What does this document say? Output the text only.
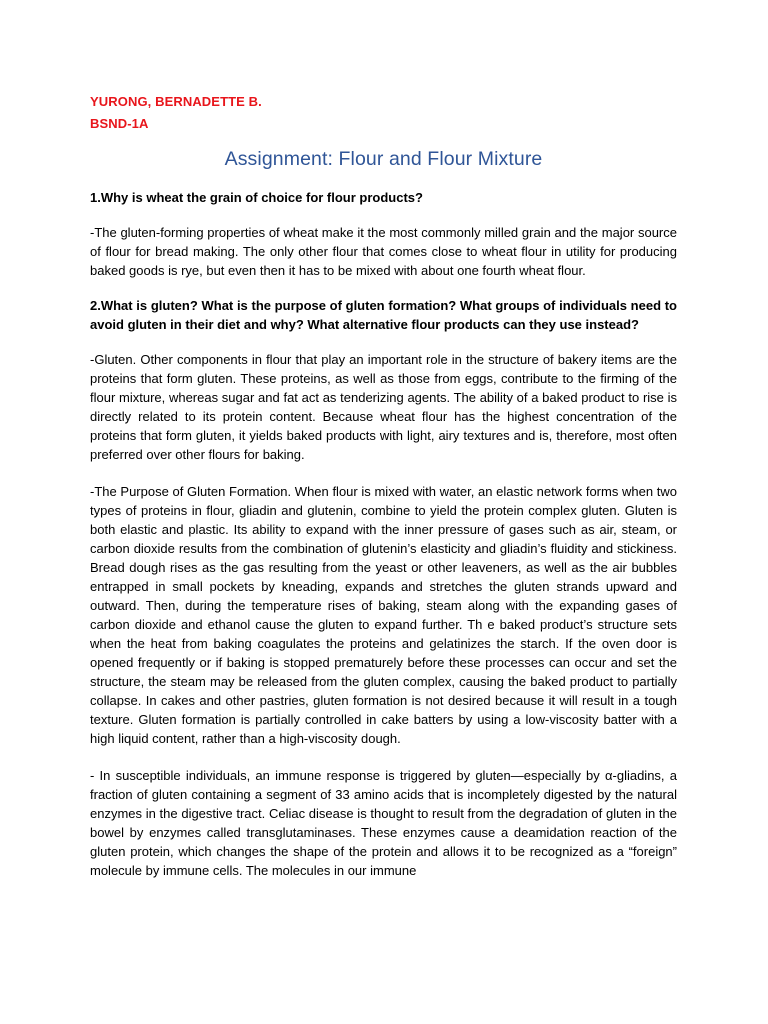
YURONG, BERNADETTE B.
BSND-1A
Assignment: Flour and Flour Mixture

1.Why is wheat the grain of choice for flour products?

-The gluten-forming properties of wheat make it the most commonly milled grain and the major source of flour for bread making. The only other flour that comes close to wheat flour in utility for producing baked goods is rye, but even then it has to be mixed with about one fourth wheat flour.

2.What is gluten? What is the purpose of gluten formation? What groups of individuals need to avoid gluten in their diet and why? What alternative flour products can they use instead?

-Gluten. Other components in flour that play an important role in the structure of bakery items are the proteins that form gluten. These proteins, as well as those from eggs, contribute to the firming of the flour mixture, whereas sugar and fat act as tenderizing agents. The ability of a baked product to rise is directly related to its protein content. Because wheat flour has the highest concentration of the proteins that form gluten, it yields baked products with light, airy textures and is, therefore, most often preferred over other flours for baking.

-The Purpose of Gluten Formation. When flour is mixed with water, an elastic network forms when two types of proteins in flour, gliadin and glutenin, combine to yield the protein complex gluten. Gluten is both elastic and plastic. Its ability to expand with the inner pressure of gases such as air, steam, or carbon dioxide results from the combination of glutenin’s elasticity and gliadin’s fluidity and stickiness. Bread dough rises as the gas resulting from the yeast or other leaveners, as well as the air bubbles entrapped in small pockets by kneading, expands and stretches the gluten strands upward and outward. Then, during the temperature rises of baking, steam along with the expanding gases of carbon dioxide and ethanol cause the gluten to expand further. Th e baked product’s structure sets when the heat from baking coagulates the proteins and gelatinizes the starch. If the oven door is opened frequently or if baking is stopped prematurely before these processes can occur and set the structure, the steam may be released from the gluten complex, causing the baked product to partially collapse. In cakes and other pastries, gluten formation is not desired because it will result in a tough texture. Gluten formation is partially controlled in cake batters by using a low-viscosity batter with a high liquid content, rather than a high-viscosity dough.

- In susceptible individuals, an immune response is triggered by gluten—especially by α-gliadins, a fraction of gluten containing a segment of 33 amino acids that is incompletely digested by the natural enzymes in the digestive tract. Celiac disease is thought to result from the degradation of gluten in the bowel by enzymes called transglutaminases. These enzymes cause a deamidation reaction of the gluten protein, which changes the shape of the protein and allows it to be recognized as a “foreign” molecule by immune cells. The molecules in our immune
